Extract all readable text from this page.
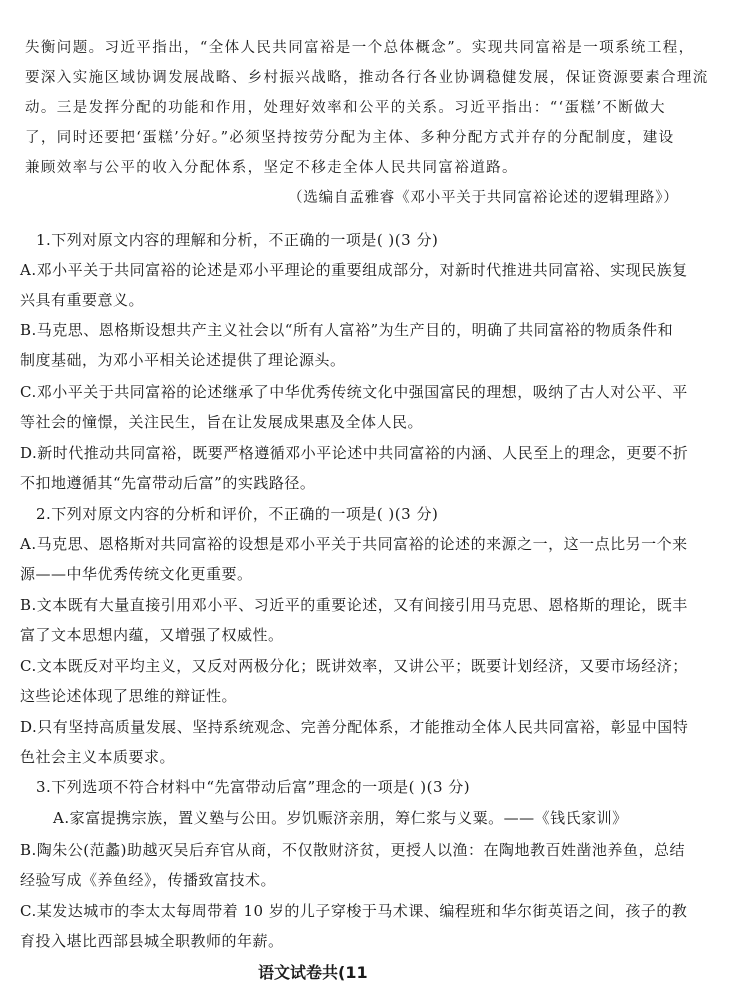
失衡问题。习近平指出，“全体人民共同富裕是一个总体概念”。实现共同富裕是一项系统工程，
要深入实施区域协调发展战略、乡村振兴战略，推动各行各业协调稳健发展，保证资源要素合理流
动。三是发挥分配的功能和作用，处理好效率和公平的关系。习近平指出：“‘蛋糕’不断做大
了，同时还要把‘蛋糕’分好。”必须坚持按劳分配为主体、多种分配方式并存的分配制度，建设
兼顾效率与公平的收入分配体系，坚定不移走全体人民共同富裕道路。
（选编自孟雅睿《邓小平关于共同富裕论述的逻辑理路》）
1.下列对原文内容的理解和分析，不正确的一项是( )(3 分)
A.邓小平关于共同富裕的论述是邓小平理论的重要组成部分，对新时代推进共同富裕、实现民族复
兴具有重要意义。
B.马克思、恩格斯设想共产主义社会以“所有人富裕”为生产目的，明确了共同富裕的物质条件和
制度基础，为邓小平相关论述提供了理论源头。
C.邓小平关于共同富裕的论述继承了中华优秀传统文化中强国富民的理想，吸纳了古人对公平、平
等社会的憧憬，关注民生，旨在让发展成果惠及全体人民。
D.新时代推动共同富裕，既要严格遵循邓小平论述中共同富裕的内涵、人民至上的理念，更要不折
不扣地遵循其“先富带动后富”的实践路径。
2.下列对原文内容的分析和评价，不正确的一项是( )(3 分)
A.马克思、恩格斯对共同富裕的设想是邓小平关于共同富裕的论述的来源之一，这一点比另一个来
源——中华优秀传统文化更重要。
B.文本既有大量直接引用邓小平、习近平的重要论述，又有间接引用马克思、恩格斯的理论，既丰
富了文本思想内蕴，又增强了权威性。
C.文本既反对平均主义，又反对两极分化；既讲效率，又讲公平；既要计划经济，又要市场经济；
这些论述体现了思维的辩证性。
D.只有坚持高质量发展、坚持系统观念、完善分配体系，才能推动全体人民共同富裕，彰显中国特
色社会主义本质要求。
3.下列选项不符合材料中“先富带动后富”理念的一项是( )(3 分)
A.家富提携宗族，置义塾与公田。岁饥赈济亲朋，筹仁浆与义粟。——《钱氏家训》
B.陶朱公(范蠡)助越灭吴后弃官从商，不仅散财济贫，更授人以渔：在陶地教百姓凿池养鱼，总结
经验写成《养鱼经》，传播致富技术。
C.某发达城市的李太太每周带着 10 岁的儿子穿梭于马术课、编程班和华尔街英语之间，孩子的教
育投入堪比西部县城全职教师的年薪。
语文试卷共(11
